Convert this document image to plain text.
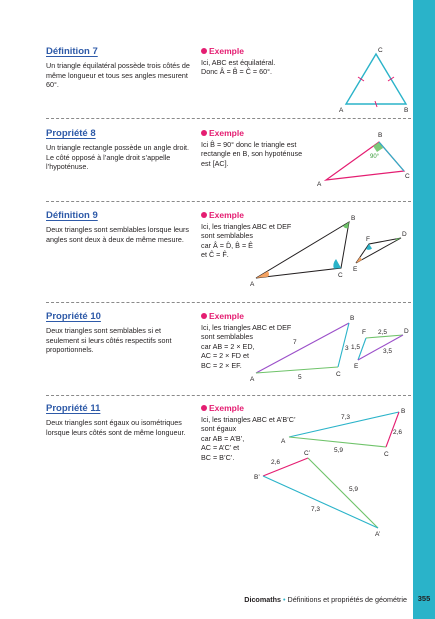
Définition 7
Un triangle équilatéral possède trois côtés de même longueur et tous ses angles mesurent 60°.
Exemple
Ici, ABC est équilatéral.
Donc Â = B̂ = Ĉ = 60°.
C
A	B
Propriété 8
Un triangle rectangle possède un angle droit. Le côté opposé à l’angle droit s’appelle l’hypoténuse.
Exemple
Ici B̂ = 90° donc le triangle est rectangle en B, son hypoténuse est [AC].
B
90°
A
C
Définition 9
Deux triangles sont semblables lorsque leurs angles sont deux à deux de même mesure.
Exemple
Ici, les triangles ABC et DEF sont semblables
car Â = D̂, B̂ = Ê
et Ĉ = F̂.
B
A
C
D
E
F
Propriété 10
Deux triangles sont semblables si et seulement si leurs côtés respectifs sont proportionnels.
Exemple
Ici, les triangles ABC et DEF sont semblables
car AB = 2 × ED,
AC = 2 × FD et
BC = 2 × EF.
B
A
C
7
5
3
D
E
F 2,5
1,5
3,5
Propriété 11
Deux triangles sont égaux ou isométriques lorsque leurs côtés sont de même longueur.
Exemple
Ici, les triangles ABC et A’B’C’ sont égaux
car AB = A’B’,
AC = A’C’ et
BC = B’C’.
B
A
C
7,3
2,6
5,9
B’
C’
A’
2,6
5,9
7,3
Dicomaths • Définitions et propriétés de géométrie	355
